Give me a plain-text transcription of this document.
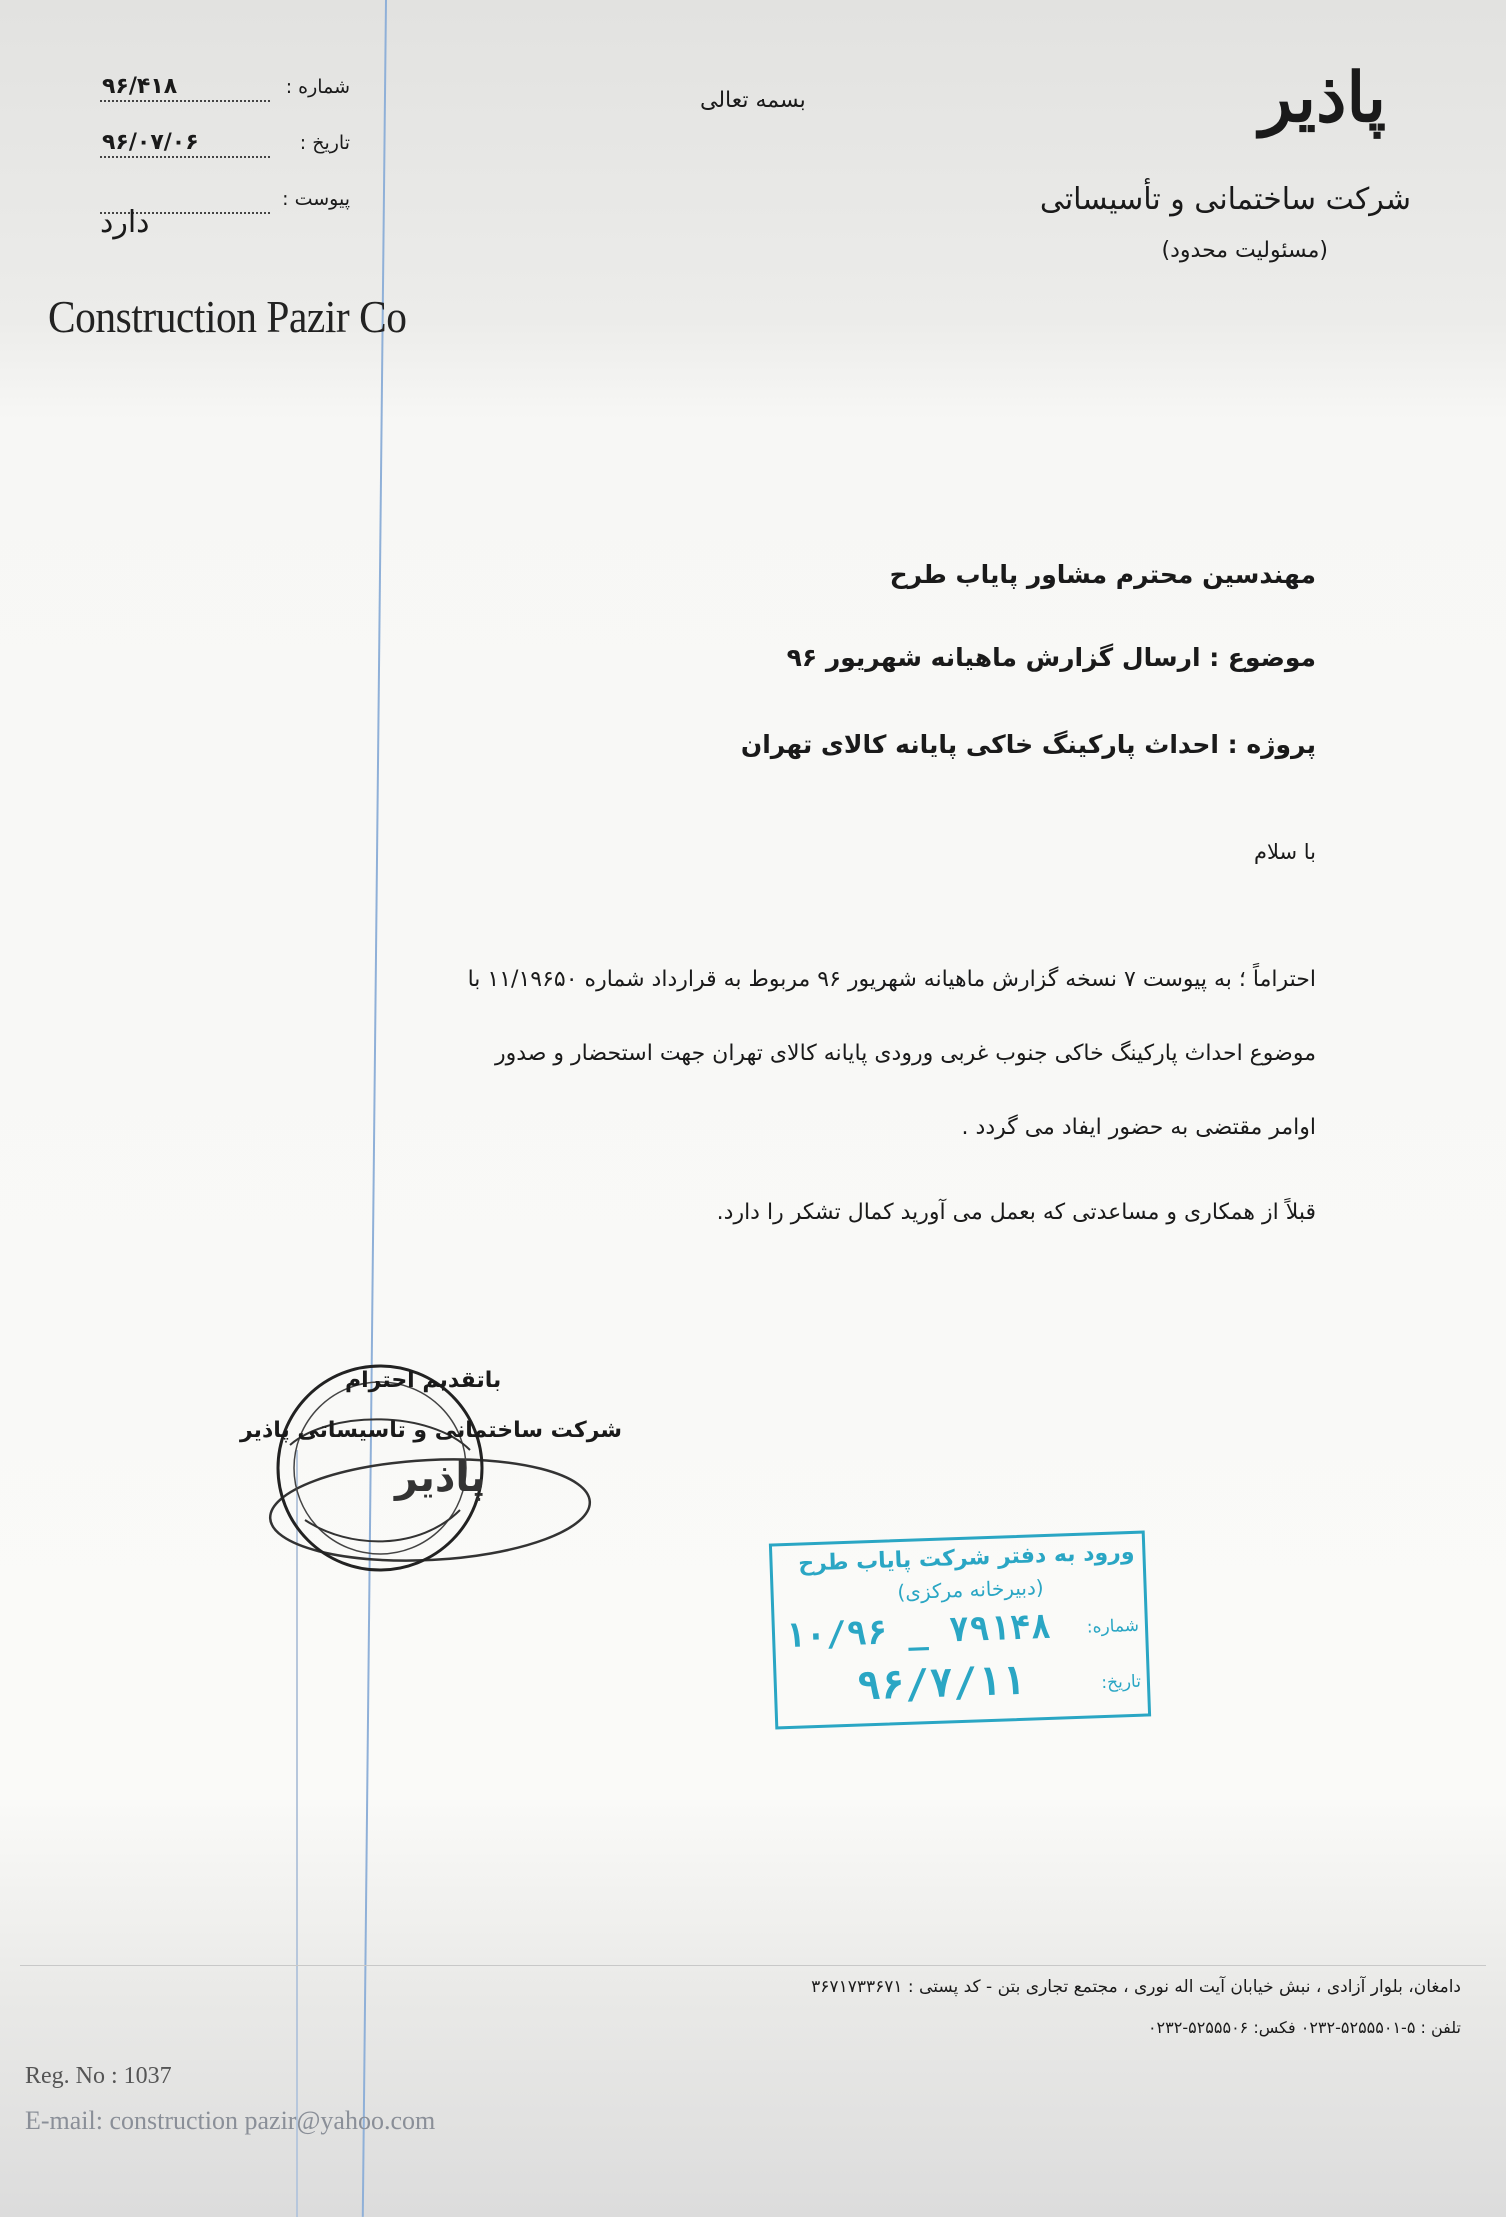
پاذیر
شرکت ساختمانی و تأسیساتی
(مسئولیت محدود)
بسمه تعالی
شماره :
۹۶/۴۱۸
تاریخ :
۹۶/۰۷/۰۶
پیوست :
دارد
Construction Pazir Co
مهندسین محترم مشاور پایاب طرح
موضوع : ارسال گزارش ماهیانه شهریور ۹۶
پروژه : احداث پارکینگ خاکی پایانه کالای تهران
با سلام
احتراماً ؛ به پیوست ۷ نسخه گزارش ماهیانه شهریور ۹۶ مربوط به قرارداد شماره ۱۱/۱۹۶۵۰ با
موضوع احداث پارکینگ خاکی جنوب غربی ورودی پایانه کالای تهران جهت استحضار و صدور
اوامر مقتضی به حضور ایفاد می گردد .
قبلاً از همکاری و مساعدتی که بعمل می آورید کمال تشکر را دارد.
پاذیر
باتقدیم احترام
شرکت ساختمانی و تاسیساتی پاذیر
ورود به دفتر شرکت پایاب طرح
(دبیرخانه مرکزی)
شماره:
۱۰/۹۶ _ ۷۹۱۴۸
تاریخ:
۹۶/۷/۱۱
دامغان، بلوار آزادی ، نبش خیابان آیت اله نوری ، مجتمع تجاری بتن - کد پستی : ۳۶۷۱۷۳۳۶۷۱
تلفن : ۵-۵۲۵۵۵۰۱-۰۲۳۲ فکس: ۵۲۵۵۵۰۶-۰۲۳۲
Reg. No : 1037
E-mail: construction pazir@yahoo.com
